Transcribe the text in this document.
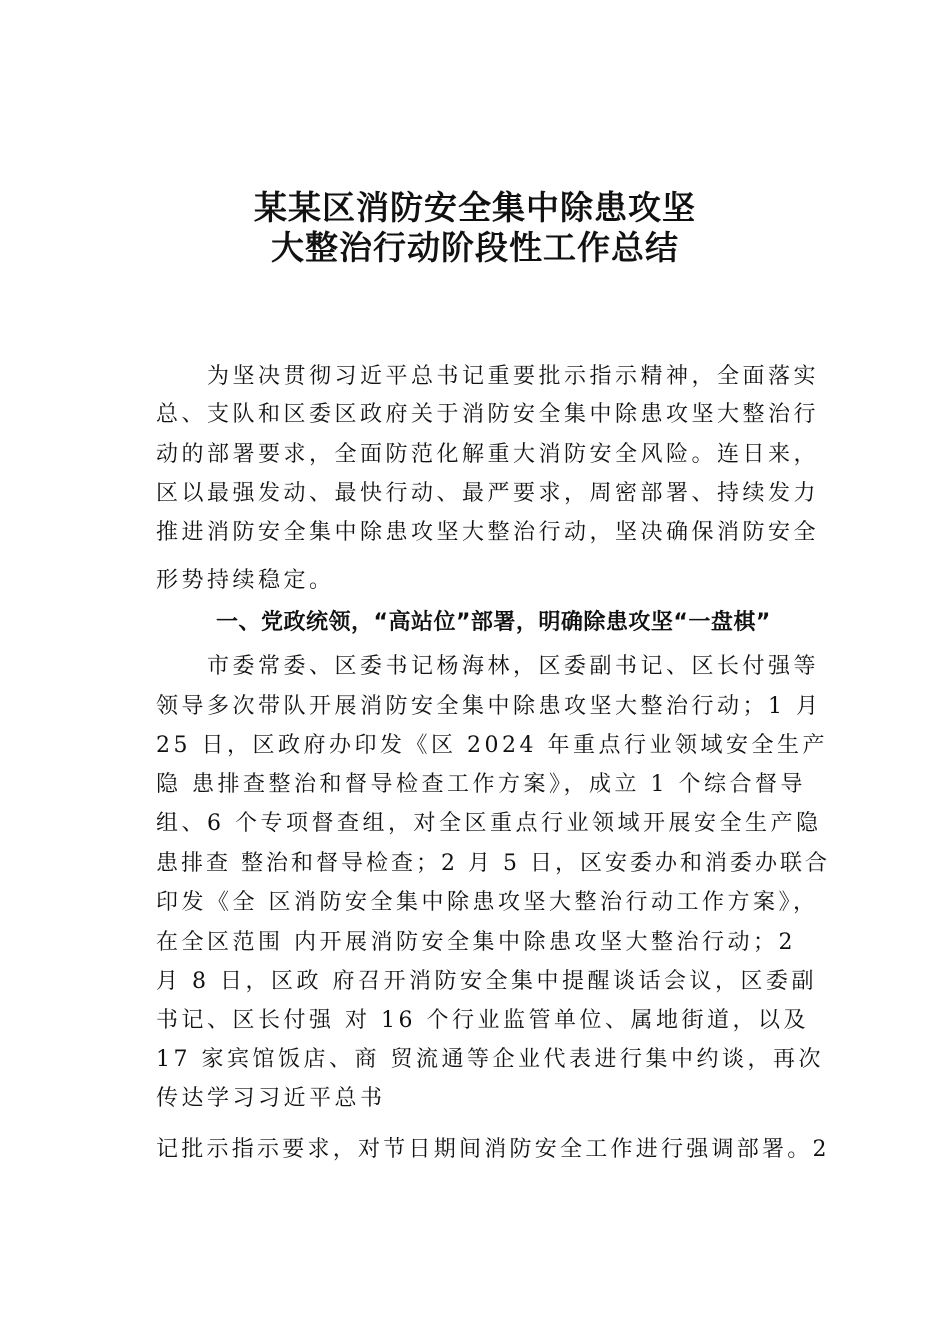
某某区消防安全集中除患攻坚
大整治行动阶段性工作总结
为坚决贯彻习近平总书记重要批示指示精神，全面落实
总、支队和区委区政府关于消防安全集中除患攻坚大整治行
动的部署要求，全面防范化解重大消防安全风险。连日来，
区以最强发动、最快行动、最严要求，周密部署、持续发力
推进消防安全集中除患攻坚大整治行动，坚决确保消防安全
形势持续稳定。
一、党政统领，“高站位”部署，明确除患攻坚“一盘棋”
市委常委、区委书记杨海林，区委副书记、区长付强等
领导多次带队开展消防安全集中除患攻坚大整治行动；1 月
25 日，区政府办印发《区 2024 年重点行业领域安全生产
隐 患排查整治和督导检查工作方案》，成立 1 个综合督导
组、6 个专项督查组，对全区重点行业领域开展安全生产隐
患排查 整治和督导检查；2 月 5 日，区安委办和消委办联合
印发《全 区消防安全集中除患攻坚大整治行动工作方案》，
在全区范围 内开展消防安全集中除患攻坚大整治行动；2
月 8 日，区政 府召开消防安全集中提醒谈话会议，区委副
书记、区长付强 对 16 个行业监管单位、属地街道，以及
17 家宾馆饭店、商 贸流通等企业代表进行集中约谈，再次
传达学习习近平总书
记批示指示要求，对节日期间消防安全工作进行强调部署。2
